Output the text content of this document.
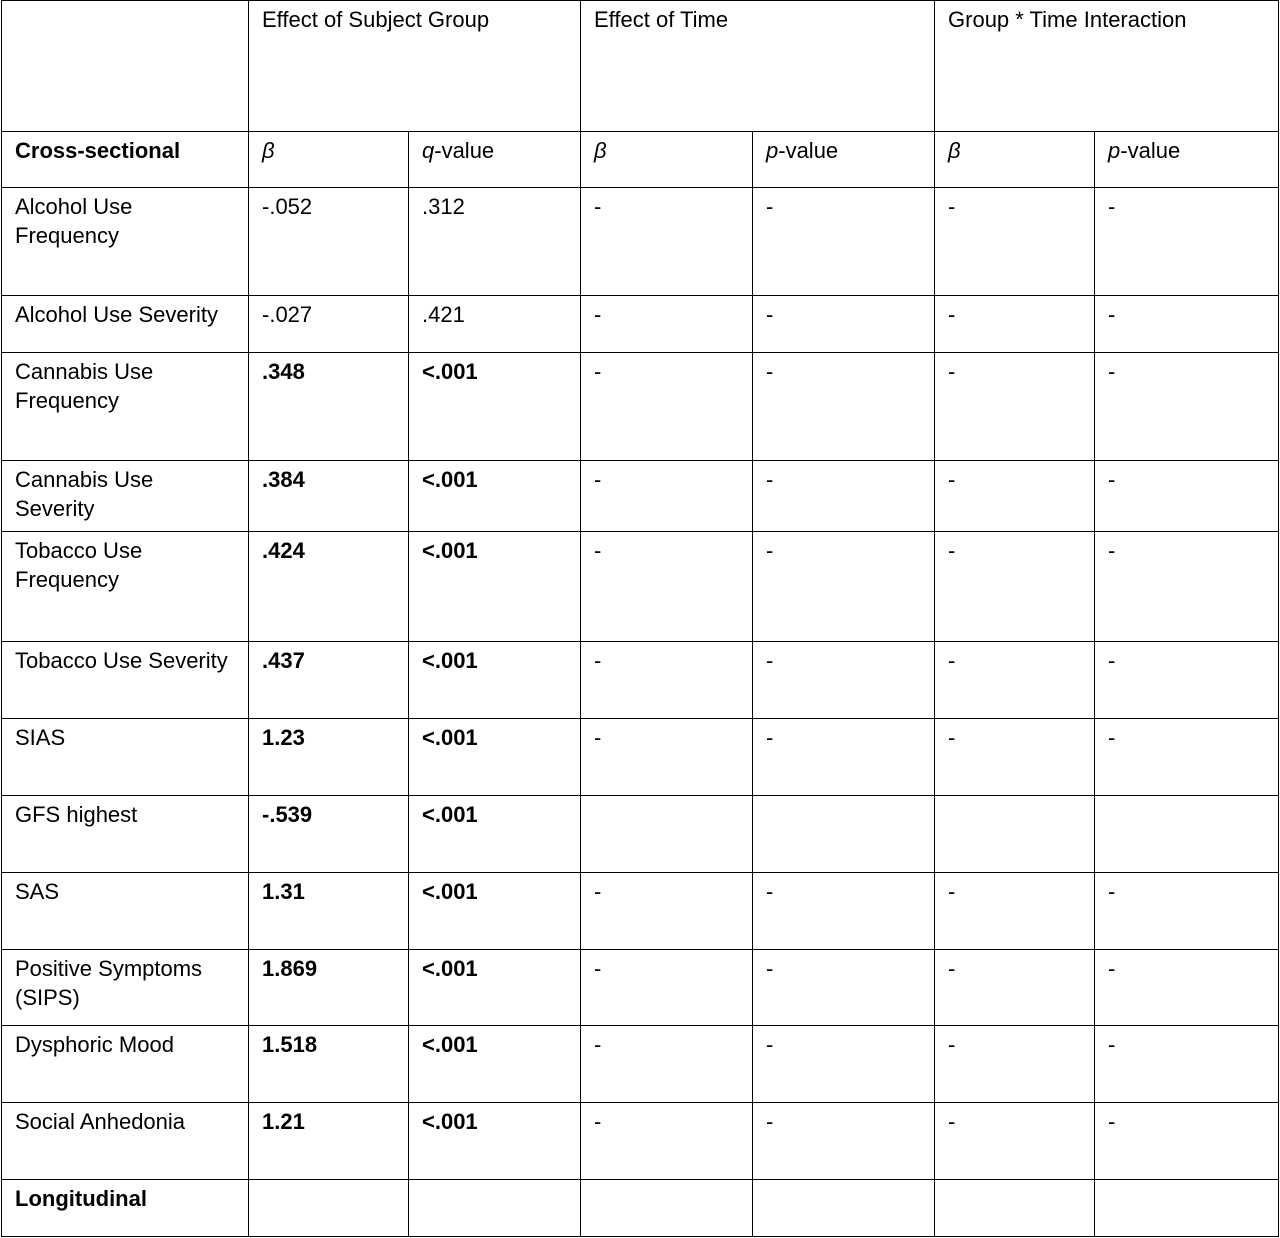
	Effect of Subject Group		Effect of Time		Group * Time Interaction	
Cross-sectional	β	q-value	β	p-value	β	p-value
Alcohol Use Frequency	-.052	.312	-	-	-	-
Alcohol Use Severity	-.027	.421	-	-	-	-
Cannabis Use Frequency	.348	<.001	-	-	-	-
Cannabis Use Severity	.384	<.001	-	-	-	-
Tobacco Use Frequency	.424	<.001	-	-	-	-
Tobacco Use Severity	.437	<.001	-	-	-	-
SIAS	1.23	<.001	-	-	-	-
GFS highest	-.539	<.001				
SAS	1.31	<.001	-	-	-	-
Positive Symptoms (SIPS)	1.869	<.001	-	-	-	-
Dysphoric Mood	1.518	<.001	-	-	-	-
Social Anhedonia	1.21	<.001	-	-	-	-
Longitudinal						
